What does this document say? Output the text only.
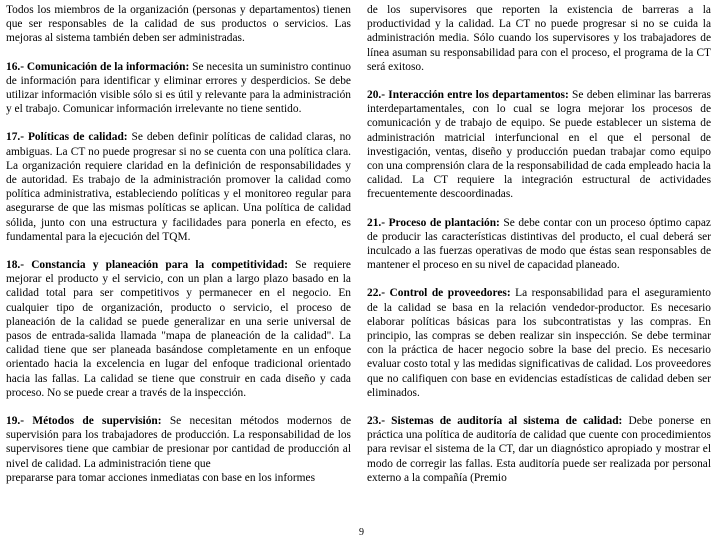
Todos los miembros de la organización (personas y departamentos) tienen que ser responsables de la calidad de sus productos o servicios. Las mejoras al sistema también deben ser administradas.

16.- Comunicación de la información: Se necesita un suministro continuo de información para identificar y eliminar errores y desperdicios. Se debe utilizar información visible sólo si es útil y relevante para la administración y el trabajo. Comunicar información irrelevante no tiene sentido.

17.- Políticas de calidad: Se deben definir políticas de calidad claras, no ambiguas. La CT no puede progresar si no se cuenta con una política clara. La organización requiere claridad en la definición de responsabilidades y de autoridad. Es trabajo de la administración promover la calidad como política administrativa, estableciendo políticas y el monitoreo regular para asegurarse de que las mismas políticas se aplican. Una política de calidad sólida, junto con una estructura y facilidades para ponerla en efecto, es fundamental para la ejecución del TQM.

18.- Constancia y planeación para la competitividad: Se requiere mejorar el producto y el servicio, con un plan a largo plazo basado en la calidad total para ser competitivos y permanecer en el negocio. En cualquier tipo de organización, producto o servicio, el proceso de planeación de la calidad se puede generalizar en una serie universal de pasos de entrada-salida llamada "mapa de planeación de la calidad". La calidad tiene que ser planeada basándose completamente en un enfoque orientado hacia la excelencia en lugar del enfoque tradicional orientado hacia las fallas. La calidad se tiene que construir en cada diseño y cada proceso. No se puede crear a través de la inspección.

19.- Métodos de supervisión: Se necesitan métodos modernos de supervisión para los trabajadores de producción. La responsabilidad de los supervisores tiene que cambiar de presionar por cantidad de producción al nivel de calidad. La administración tiene que

prepararse para tomar acciones inmediatas con base en los informes

de los supervisores que reporten la existencia de barreras a la productividad y la calidad. La CT no puede progresar si no se cuida la administración media. Sólo cuando los supervisores y los trabajadores de línea asuman su responsabilidad para con el proceso, el programa de la CT será exitoso.

20.- Interacción entre los departamentos: Se deben eliminar las barreras interdepartamentales, con lo cual se logra mejorar los procesos de comunicación y de trabajo de equipo. Se puede establecer un sistema de administración matricial interfuncional en el que el personal de investigación, ventas, diseño y producción puedan trabajar como equipo con una comprensión clara de la responsabilidad de cada empleado hacia la calidad. La CT requiere la integración estructural de actividades frecuentemente descoordinadas.

21.- Proceso de plantación: Se debe contar con un proceso óptimo capaz de producir las características distintivas del producto, el cual deberá ser inculcado a las fuerzas operativas de modo que éstas sean responsables de mantener el proceso en su nivel de capacidad planeado.

22.- Control de proveedores: La responsabilidad para el aseguramiento de la calidad se basa en la relación vendedor-productor. Es necesario elaborar políticas básicas para los subcontratistas y las compras. En principio, las compras se deben realizar sin inspección. Se debe terminar con la práctica de hacer negocio sobre la base del precio. Es necesario evaluar costo total y las medidas significativas de calidad. Los proveedores que no califiquen con base en evidencias estadísticas de calidad deben ser eliminados.

23.- Sistemas de auditoría al sistema de calidad: Debe ponerse en práctica una política de auditoría de calidad que cuente con procedimientos para revisar el sistema de la CT, dar un diagnóstico apropiado y mostrar el modo de corregir las fallas. Esta auditoría puede ser realizada por personal externo a la compañía (Premio

9
